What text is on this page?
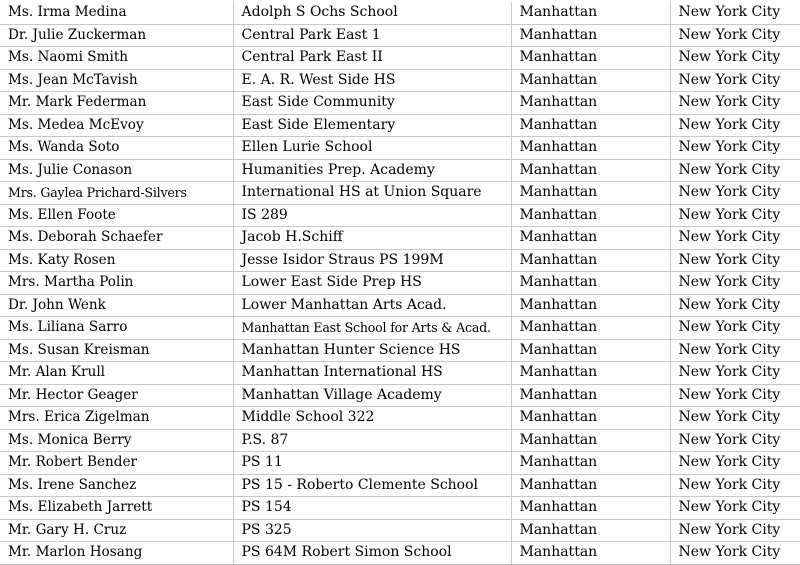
Ms. Irma Medina	Adolph S Ochs School	Manhattan	New York City
Dr. Julie Zuckerman	Central Park East 1	Manhattan	New York City
Ms. Naomi Smith	Central Park East II	Manhattan	New York City
Ms. Jean McTavish	E. A. R. West Side HS	Manhattan	New York City
Mr. Mark Federman	East Side Community	Manhattan	New York City
Ms. Medea McEvoy	East Side Elementary	Manhattan	New York City
Ms. Wanda Soto	Ellen Lurie School	Manhattan	New York City
Ms. Julie Conason	Humanities Prep. Academy	Manhattan	New York City
Mrs. Gaylea Prichard-Silvers	International HS at Union Square	Manhattan	New York City
Ms. Ellen Foote	IS 289	Manhattan	New York City
Ms. Deborah Schaefer	Jacob H.Schiff	Manhattan	New York City
Ms. Katy Rosen	Jesse Isidor Straus PS 199M	Manhattan	New York City
Mrs. Martha Polin	Lower East Side Prep HS	Manhattan	New York City
Dr. John Wenk	Lower Manhattan Arts Acad.	Manhattan	New York City
Ms. Liliana Sarro	Manhattan East School for Arts & Acad.	Manhattan	New York City
Ms. Susan Kreisman	Manhattan Hunter Science HS	Manhattan	New York City
Mr. Alan Krull	Manhattan International HS	Manhattan	New York City
Mr. Hector Geager	Manhattan Village Academy	Manhattan	New York City
Mrs. Erica Zigelman	Middle School 322	Manhattan	New York City
Ms. Monica Berry	P.S. 87	Manhattan	New York City
Mr. Robert Bender	PS 11	Manhattan	New York City
Ms. Irene Sanchez	PS 15 - Roberto Clemente School	Manhattan	New York City
Ms. Elizabeth Jarrett	PS 154	Manhattan	New York City
Mr. Gary H. Cruz	PS 325	Manhattan	New York City
Mr. Marlon Hosang	PS 64M Robert Simon School	Manhattan	New York City
